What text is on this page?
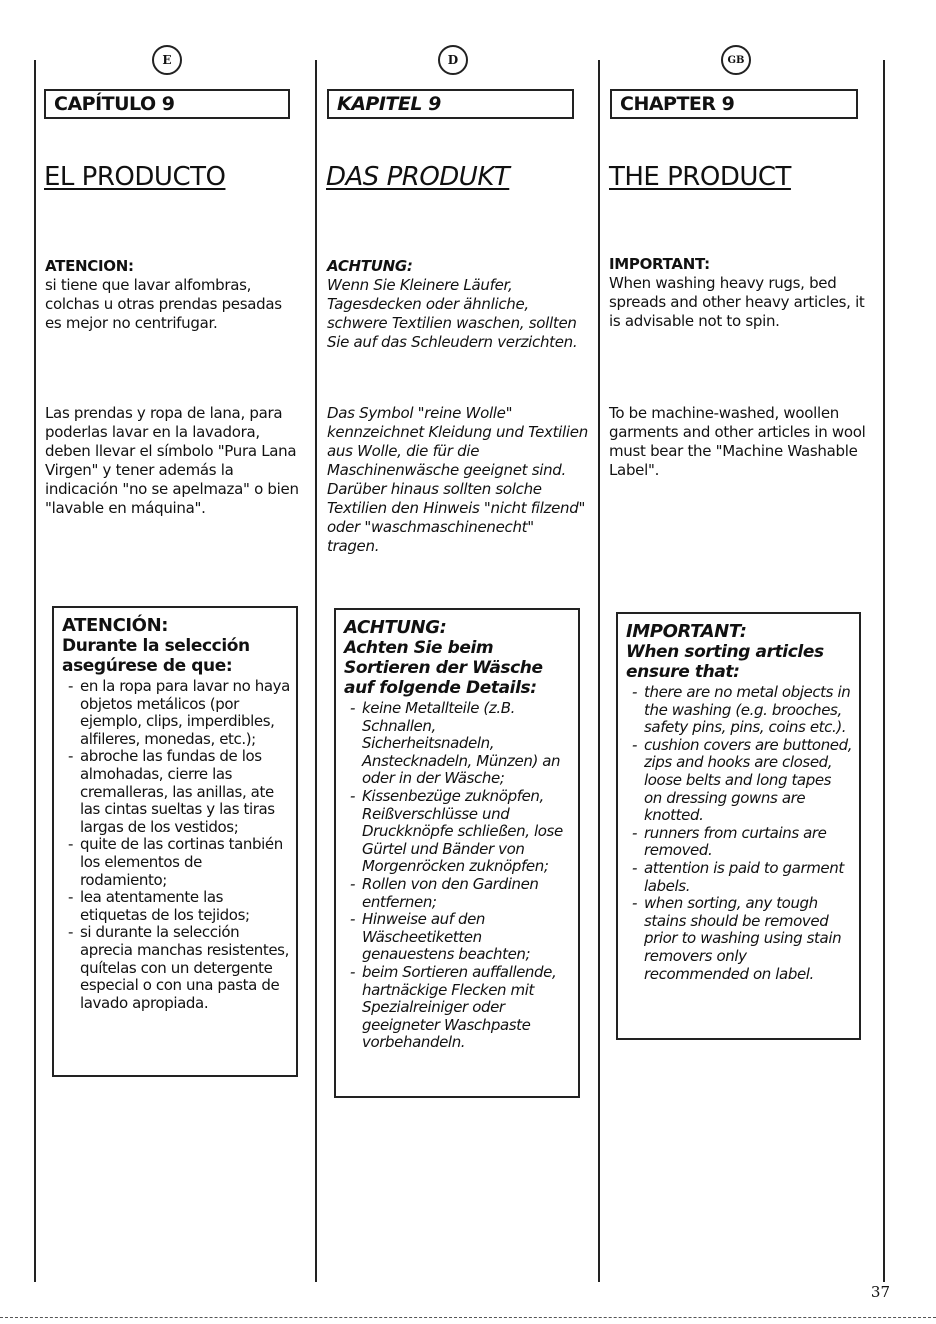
E
CAPÍTULO 9
EL PRODUCTO
ATENCION:

si tiene que lavar alfombras, colchas u otras prendas pesadas es mejor no centrifugar.

Las prendas y ropa de lana, para poderlas lavar en la lavadora, deben llevar el símbolo "Pura Lana Virgen" y tener además la indicación "no se apelmaza" o bien "lavable en máquina".

ATENCIÓN:
Durante la selección asegúrese de que:
- en la ropa para lavar no haya objetos metálicos (por ejemplo, clips, imperdibles, alfileres, monedas, etc.);
- abroche las fundas de los almohadas, cierre las cremalleras, las anillas, ate las cintas sueltas y las tiras largas de los vestidos;
- quite de las cortinas tanbién los elementos de rodamiento;
- lea atentamente las etiquetas de los tejidos;
- si durante la selección aprecia manchas resistentes, quítelas con un detergente especial o con una pasta de lavado apropiada.
D
KAPITEL 9
DAS PRODUKT
ACHTUNG:

Wenn Sie Kleinere Läufer, Tagesdecken oder ähnliche, schwere Textilien waschen, sollten Sie auf das Schleudern verzichten.

Das Symbol "reine Wolle" kennzeichnet Kleidung und Textilien aus Wolle, die für die Maschinenwäsche geeignet sind. Darüber hinaus sollten solche Textilien den Hinweis "nicht filzend" oder "waschmaschinenecht" tragen.

ACHTUNG:
Achten Sie beim Sortieren der Wäsche auf folgende Details:
- keine Metallteile (z.B. Schnallen, Sicherheitsnadeln, Anstecknadeln, Münzen) an oder in der Wäsche;
- Kissenbezüge zuknöpfen, Reißverschlüsse und Druckknöpfe schließen, lose Gürtel und Bänder von Morgenröcken zuknöpfen;
- Rollen von den Gardinen entfernen;
- Hinweise auf den Wäscheetiketten genauestens beachten;
- beim Sortieren auffallende, hartnäckige Flecken mit Spezialreiniger oder geeigneter Waschpaste vorbehandeln.
GB
CHAPTER 9
THE PRODUCT
IMPORTANT:

When washing heavy rugs, bed spreads and other heavy articles, it is advisable not to spin.

To be machine-washed, woollen garments and other articles in wool must bear the "Machine Washable Label".

IMPORTANT:
When sorting articles ensure that:
- there are no metal objects in the washing (e.g. brooches, safety pins, pins, coins etc.).
- cushion covers are buttoned, zips and hooks are closed, loose belts and long tapes on dressing gowns are knotted.
- runners from curtains are removed.
- attention is paid to garment labels.
- when sorting, any tough stains should be removed prior to washing using stain removers only recommended on label.
37
